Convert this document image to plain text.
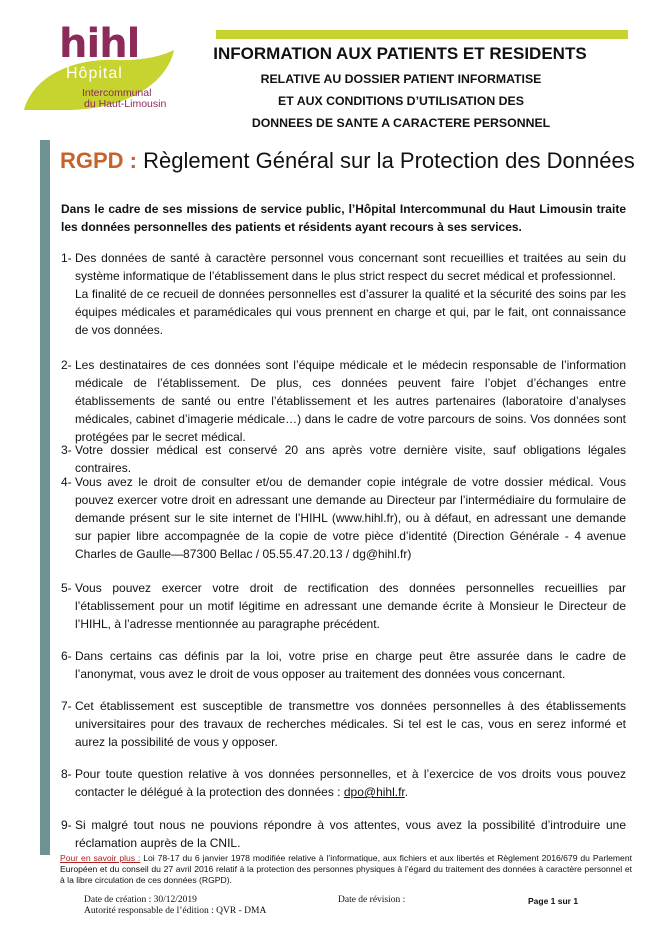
hihl
Hôpital
Intercommunal
du Haut-Limousin
INFORMATION AUX PATIENTS ET RESIDENTS
RELATIVE AU DOSSIER PATIENT INFORMATISE
ET AUX CONDITIONS D’UTILISATION DES
DONNEES DE SANTE A CARACTERE PERSONNEL
RGPD : Règlement Général sur la Protection des Données
Dans le cadre de ses missions de service public, l’Hôpital Intercommunal du Haut Limousin traite les données personnelles des patients et résidents ayant recours à ses services.
1- Des données de santé à caractère personnel vous concernant sont recueillies et traitées au sein du système informatique de l’établissement dans le plus strict respect du secret médical et professionnel.
La finalité de ce recueil de données personnelles est d’assurer la qualité et la sécurité des soins par les équipes médicales et paramédicales qui vous prennent en charge et qui, par le fait, ont connaissance de vos données.
2- Les destinataires de ces données sont l’équipe médicale et le médecin responsable de l’information médicale de l’établissement. De plus, ces données peuvent faire l’objet d’échanges entre établissements de santé ou entre l’établissement et les autres partenaires (laboratoire d’analyses médicales, cabinet d’imagerie médicale…) dans le cadre de votre parcours de soins. Vos données sont protégées par le secret médical.
3- Votre dossier médical est conservé 20 ans après votre dernière visite, sauf obligations légales contraires.
4- Vous avez le droit de consulter et/ou de demander copie intégrale de votre dossier médical. Vous pouvez exercer votre droit en adressant une demande au Directeur par l’intermédiaire du formulaire de demande présent sur le site internet de l’HIHL (www.hihl.fr), ou à défaut, en adressant une demande sur papier libre accompagnée de la copie de votre pièce d’identité (Direction Générale - 4 avenue Charles de Gaulle—87300 Bellac / 05.55.47.20.13 / dg@hihl.fr)
5- Vous pouvez exercer votre droit de rectification des données personnelles recueillies par l’établissement pour un motif légitime en adressant une demande écrite à Monsieur le Directeur de l’HIHL, à l’adresse mentionnée au paragraphe précédent.
6- Dans certains cas définis par la loi, votre prise en charge peut être assurée dans le cadre de l’anonymat, vous avez le droit de vous opposer au traitement des données vous concernant.
7- Cet établissement est susceptible de transmettre vos données personnelles à des établissements universitaires pour des travaux de recherches médicales. Si tel est le cas, vous en serez informé et aurez la possibilité de vous y opposer.
8- Pour toute question relative à vos données personnelles, et à l’exercice de vos droits vous pouvez contacter le délégué à la protection des données : dpo@hihl.fr.
9- Si malgré tout nous ne pouvions répondre à vos attentes, vous avez la possibilité d’introduire une réclamation auprès de la CNIL.
Pour en savoir plus : Loi 78-17 du 6 janvier 1978 modifiée relative à l’informatique, aux fichiers et aux libertés et Règlement 2016/679 du Parlement Européen et du conseil du 27 avril 2016 relatif à la protection des personnes physiques à l’égard du traitement des données à caractère personnel et à la libre circulation de ces données (RGPD).
Date de création : 30/12/2019
Autorité responsable de l’édition : QVR - DMA
Date de révision :	Page 1 sur 1
